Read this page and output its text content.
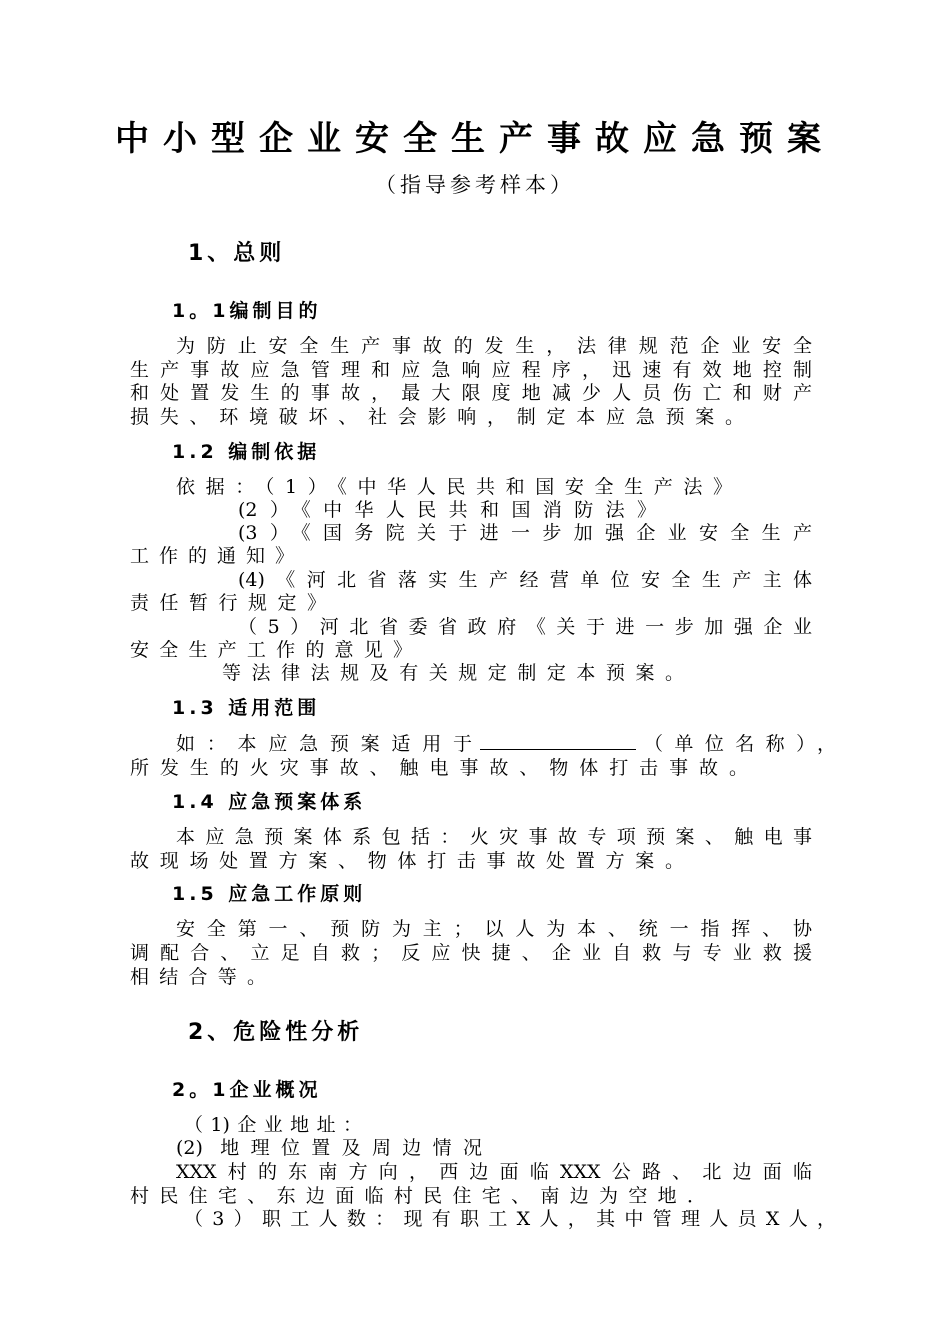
中小型企业安全生产事故应急预案
（指导参考样本）
1、总则
1。1编制目的
为防止安全生产事故的发生，法律规范企业安全
生产事故应急管理和应急响应程序，迅速有效地控制
和处置发生的事故，最大限度地减少人员伤亡和财产
损失、环境破坏、社会影响，制定本应急预案。
1.2 编制依据
依据：（1）《中华人民共和国安全生产法》
(2）《中华人民共和国消防法》
(3）《国务院关于进一步加强企业安全生产
工作的通知》
(4)《河北省落实生产经营单位安全生产主体
责任暂行规定》
（5）河北省委省政府《关于进一步加强企业
安全生产工作的意见》
等法律法规及有关规定制定本预案。
1.3 适用范围
如：本应急预案适用于	（单位名称），
所发生的火灾事故、触电事故、物体打击事故。
1.4 应急预案体系
本应急预案体系包括：火灾事故专项预案、触电事
故现场处置方案、物体打击事故处置方案。
1.5 应急工作原则
安全第一、预防为主；以人为本、统一指挥、协
调配合、立足自救；反应快捷、企业自救与专业救援
相结合等。
2、危险性分析
2。1企业概况
（1)企业地址：
(2) 地理位置及周边情况
XXX村的东南方向，西边面临XXX公路、北边面临
村民住宅、东边面临村民住宅、南边为空地．
（3）职工人数：现有职工X人，其中管理人员X人，
